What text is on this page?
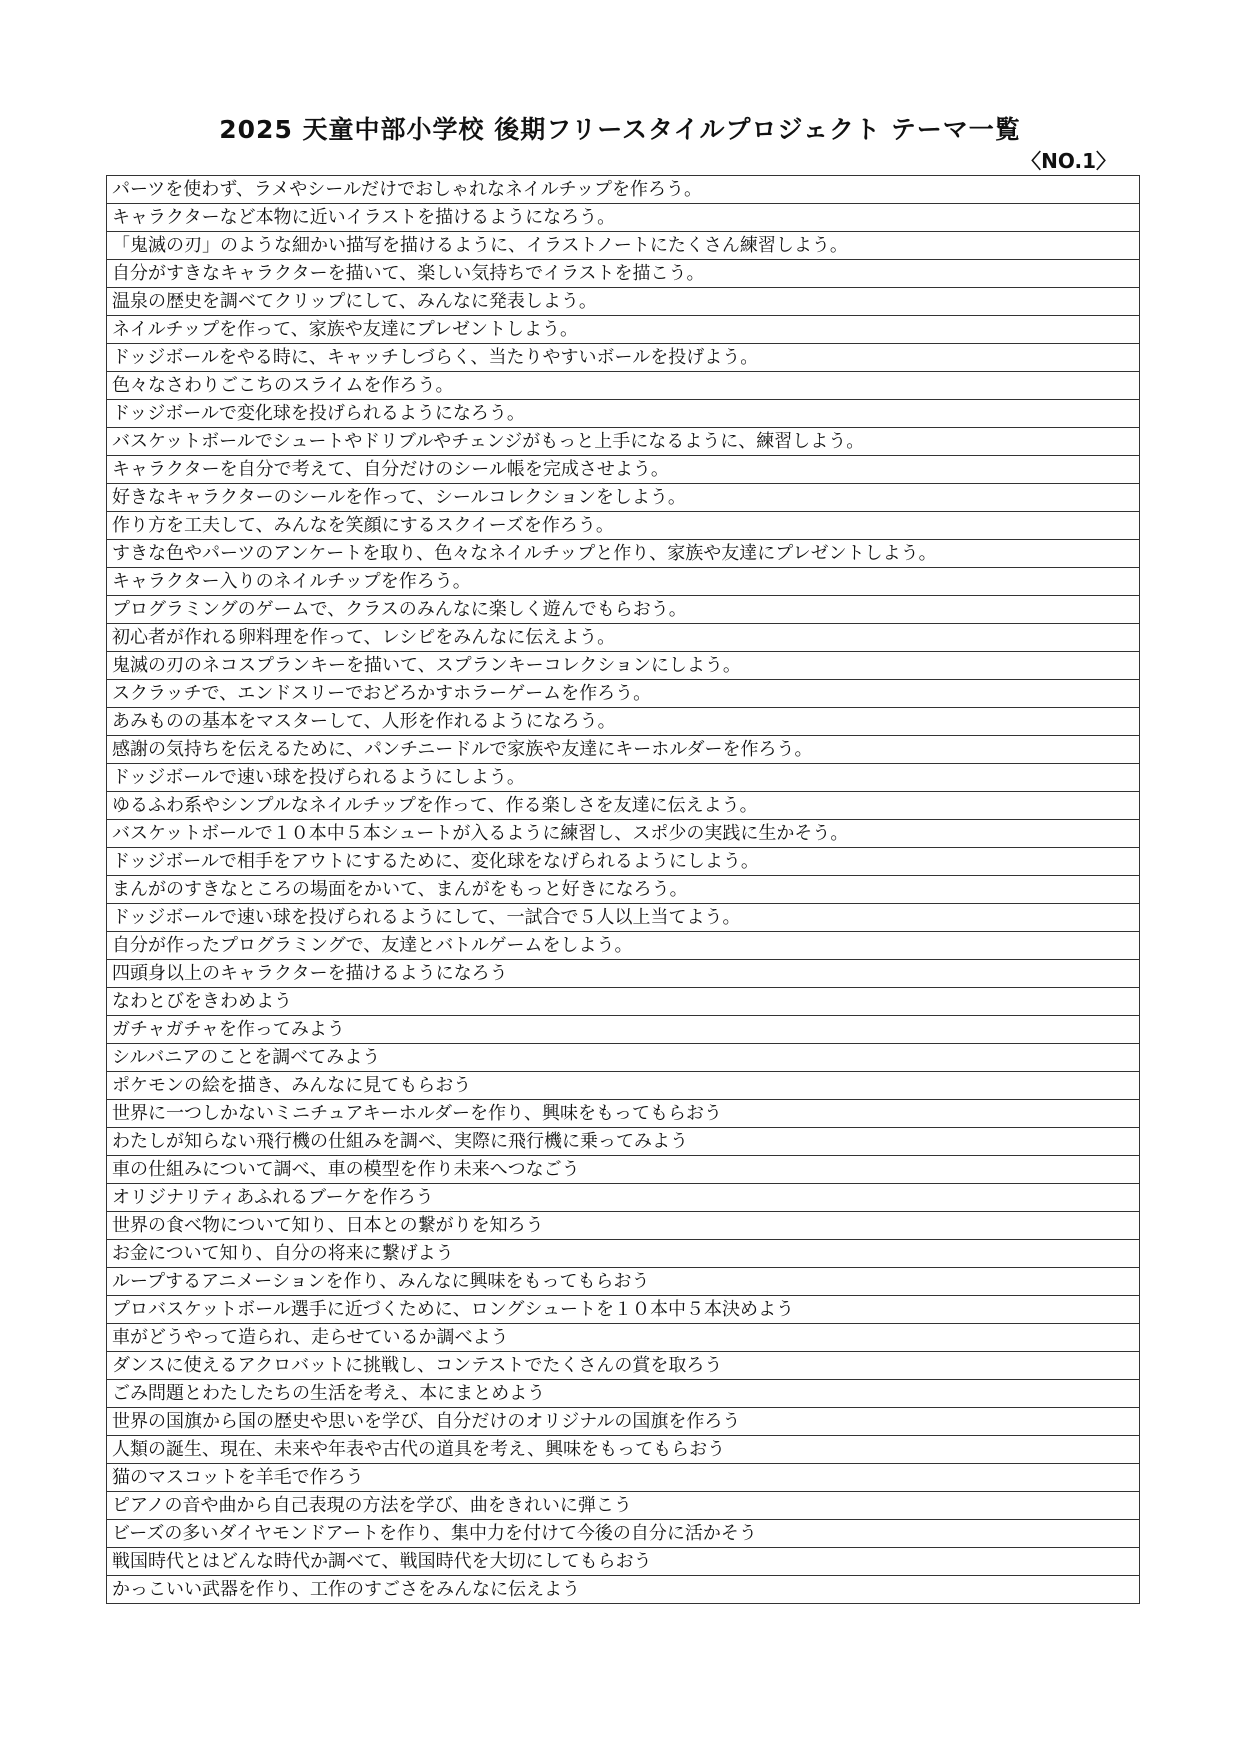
2025 天童中部小学校 後期フリースタイルプロジェクト テーマ一覧
〈NO.1〉
パーツを使わず、ラメやシールだけでおしゃれなネイルチップを作ろう。
キャラクターなど本物に近いイラストを描けるようになろう。
「鬼滅の刃」のような細かい描写を描けるように、イラストノートにたくさん練習しよう。
自分がすきなキャラクターを描いて、楽しい気持ちでイラストを描こう。
温泉の歴史を調べてクリップにして、みんなに発表しよう。
ネイルチップを作って、家族や友達にプレゼントしよう。
ドッジボールをやる時に、キャッチしづらく、当たりやすいボールを投げよう。
色々なさわりごこちのスライムを作ろう。
ドッジボールで変化球を投げられるようになろう。
バスケットボールでシュートやドリブルやチェンジがもっと上手になるように、練習しよう。
キャラクターを自分で考えて、自分だけのシール帳を完成させよう。
好きなキャラクターのシールを作って、シールコレクションをしよう。
作り方を工夫して、みんなを笑顔にするスクイーズを作ろう。
すきな色やパーツのアンケートを取り、色々なネイルチップと作り、家族や友達にプレゼントしよう。
キャラクター入りのネイルチップを作ろう。
プログラミングのゲームで、クラスのみんなに楽しく遊んでもらおう。
初心者が作れる卵料理を作って、レシピをみんなに伝えよう。
鬼滅の刃のネコスプランキーを描いて、スプランキーコレクションにしよう。
スクラッチで、エンドスリーでおどろかすホラーゲームを作ろう。
あみものの基本をマスターして、人形を作れるようになろう。
感謝の気持ちを伝えるために、パンチニードルで家族や友達にキーホルダーを作ろう。
ドッジボールで速い球を投げられるようにしよう。
ゆるふわ系やシンプルなネイルチップを作って、作る楽しさを友達に伝えよう。
バスケットボールで１０本中５本シュートが入るように練習し、スポ少の実践に生かそう。
ドッジボールで相手をアウトにするために、変化球をなげられるようにしよう。
まんがのすきなところの場面をかいて、まんがをもっと好きになろう。
ドッジボールで速い球を投げられるようにして、一試合で５人以上当てよう。
自分が作ったプログラミングで、友達とバトルゲームをしよう。
四頭身以上のキャラクターを描けるようになろう
なわとびをきわめよう
ガチャガチャを作ってみよう
シルバニアのことを調べてみよう
ポケモンの絵を描き、みんなに見てもらおう
世界に一つしかないミニチュアキーホルダーを作り、興味をもってもらおう
わたしが知らない飛行機の仕組みを調べ、実際に飛行機に乗ってみよう
車の仕組みについて調べ、車の模型を作り未来へつなごう
オリジナリティあふれるブーケを作ろう
世界の食べ物について知り、日本との繋がりを知ろう
お金について知り、自分の将来に繋げよう
ループするアニメーションを作り、みんなに興味をもってもらおう
プロバスケットボール選手に近づくために、ロングシュートを１０本中５本決めよう
車がどうやって造られ、走らせているか調べよう
ダンスに使えるアクロバットに挑戦し、コンテストでたくさんの賞を取ろう
ごみ問題とわたしたちの生活を考え、本にまとめよう
世界の国旗から国の歴史や思いを学び、自分だけのオリジナルの国旗を作ろう
人類の誕生、現在、未来や年表や古代の道具を考え、興味をもってもらおう
猫のマスコットを羊毛で作ろう
ピアノの音や曲から自己表現の方法を学び、曲をきれいに弾こう
ビーズの多いダイヤモンドアートを作り、集中力を付けて今後の自分に活かそう
戦国時代とはどんな時代か調べて、戦国時代を大切にしてもらおう
かっこいい武器を作り、工作のすごさをみんなに伝えよう
